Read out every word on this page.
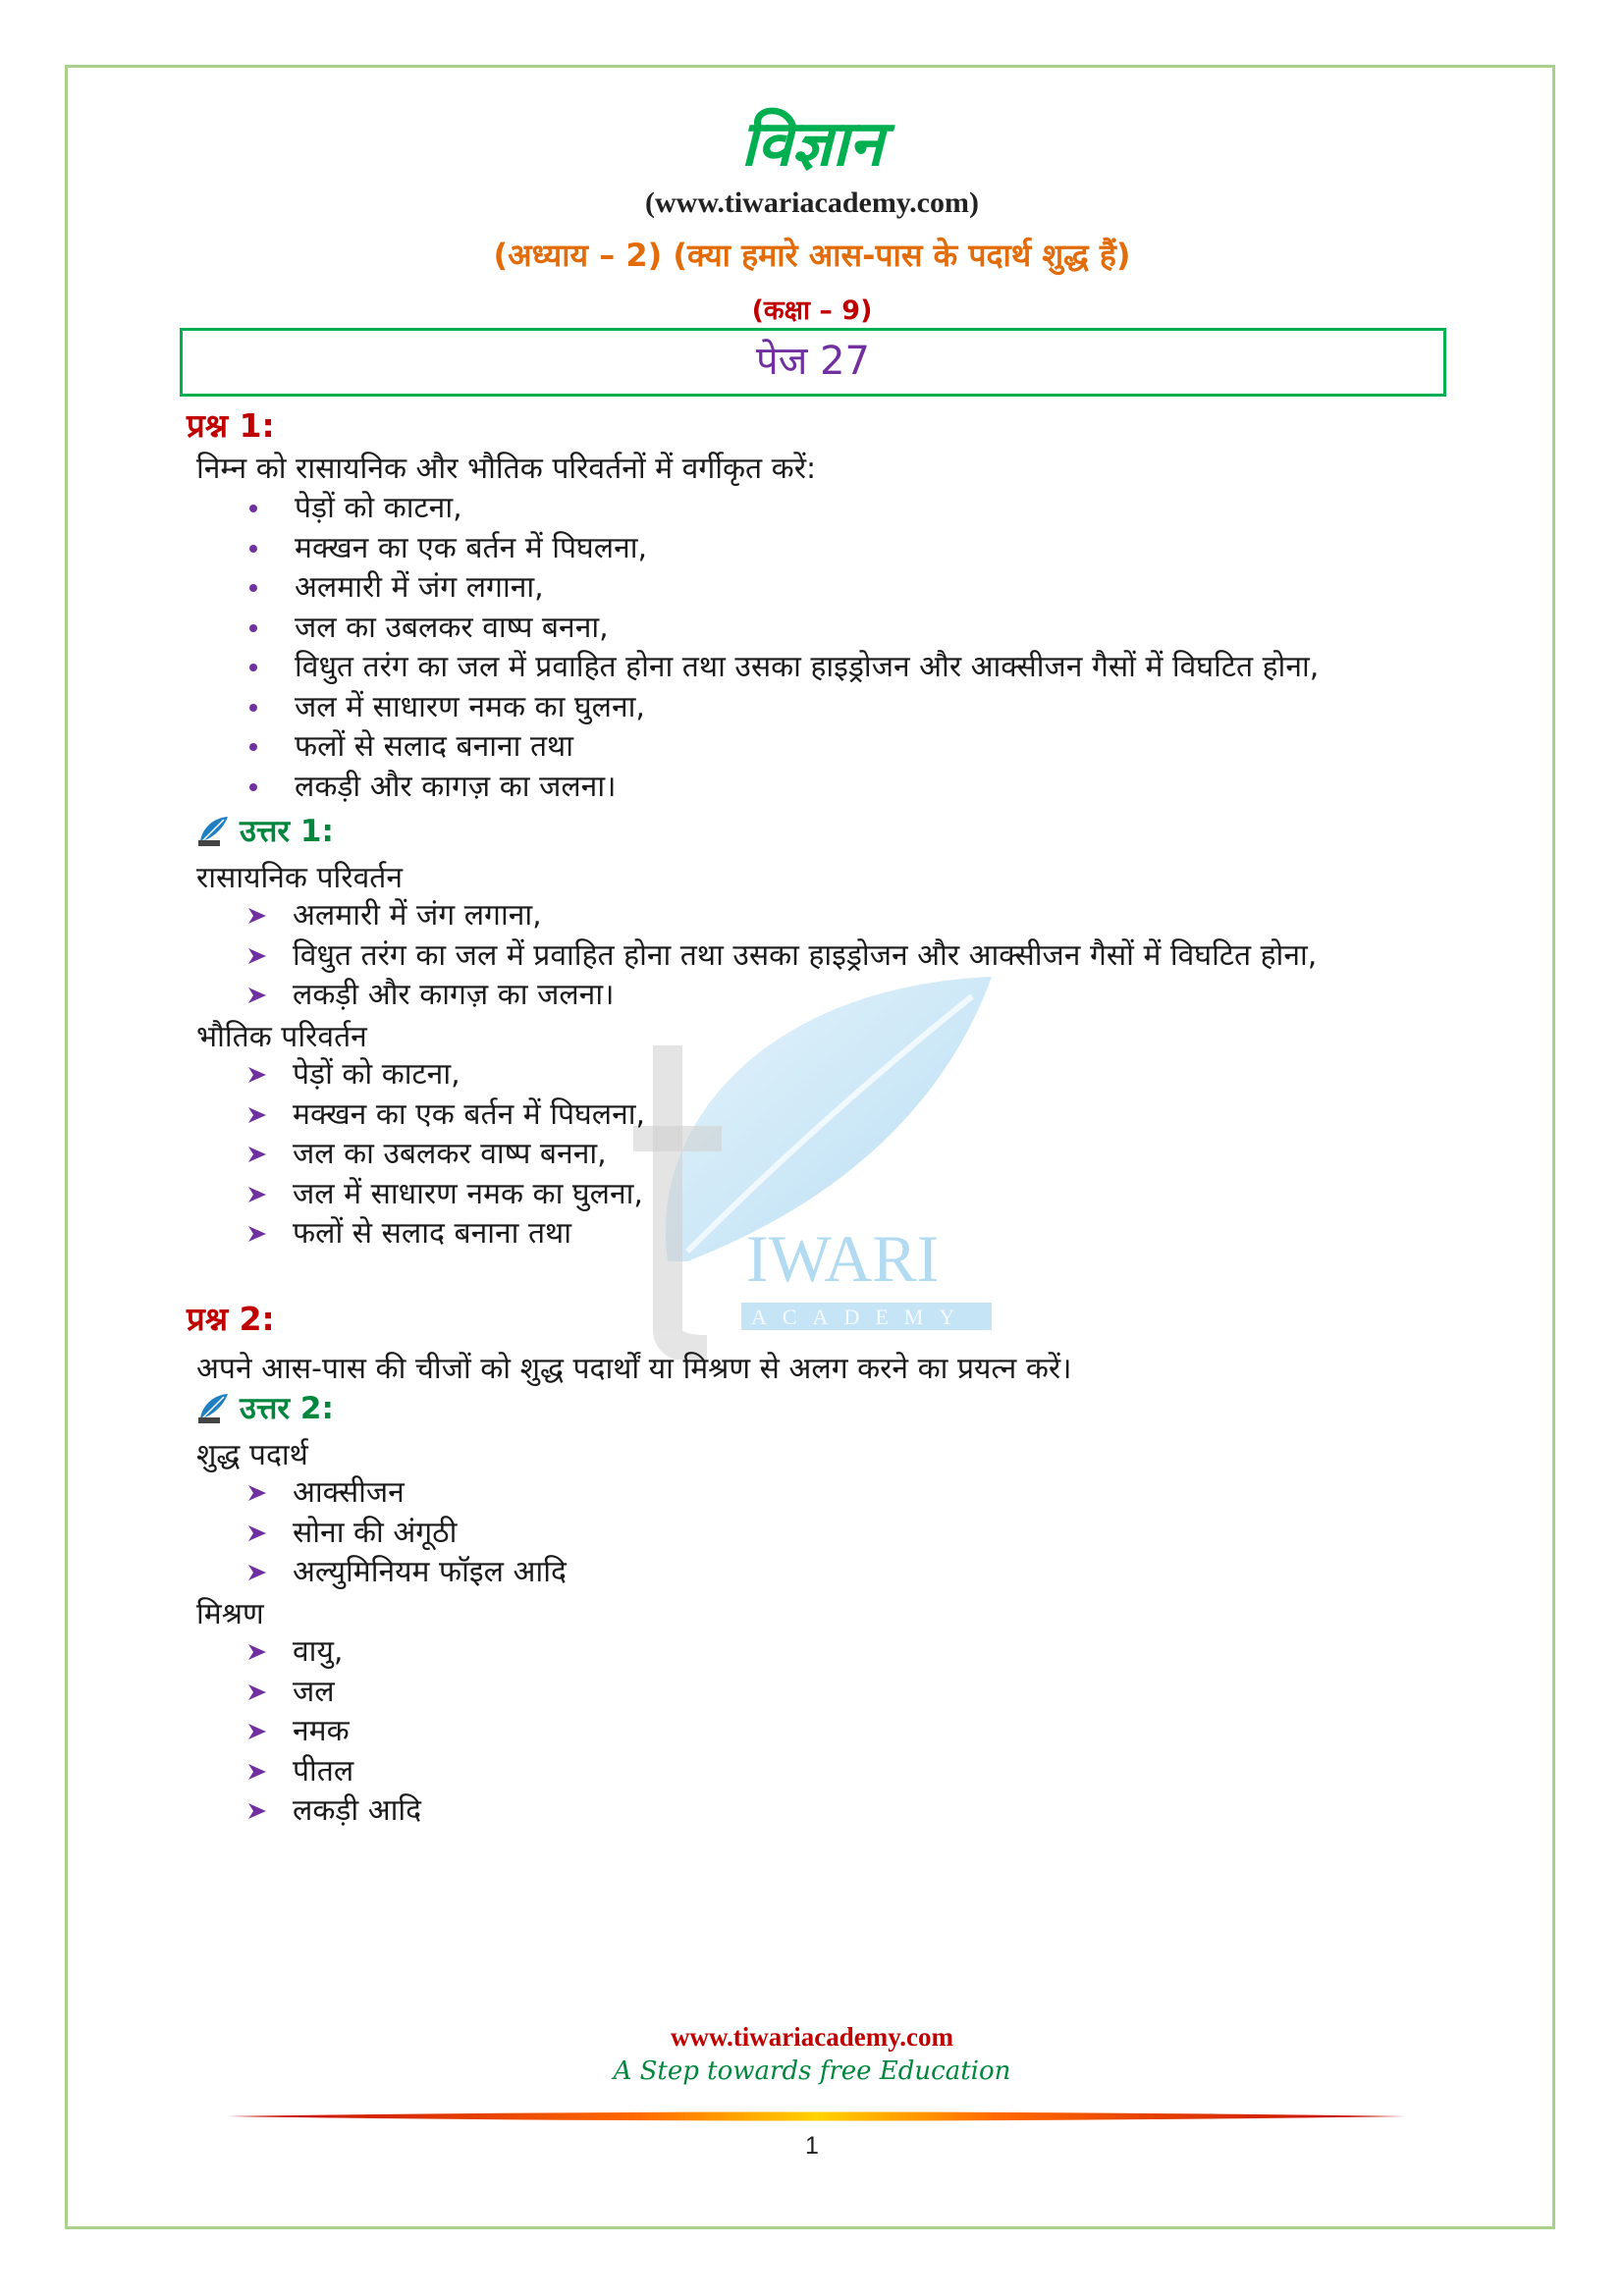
IWARI
ACADEMY
विज्ञान
(www.tiwariacademy.com)
(अध्याय – 2) (क्या हमारे आस-पास के पदार्थ शुद्ध हैं)
(कक्षा – 9)
पेज 27
प्रश्न 1:
निम्न को रासायनिक और भौतिक परिवर्तनों में वर्गीकृत करें:
पेड़ों को काटना,
मक्खन का एक बर्तन में पिघलना,
अलमारी में जंग लगाना,
जल का उबलकर वाष्प बनना,
विधुत तरंग का जल में प्रवाहित होना तथा उसका हाइड्रोजन और आक्सीजन गैसों में विघटित होना,
जल में साधारण नमक का घुलना,
फलों से सलाद बनाना तथा
लकड़ी और कागज़ का जलना।
उत्तर 1:
रासायनिक परिवर्तन
अलमारी में जंग लगाना,
विधुत तरंग का जल में प्रवाहित होना तथा उसका हाइड्रोजन और आक्सीजन गैसों में विघटित होना,
लकड़ी और कागज़ का जलना।
भौतिक परिवर्तन
पेड़ों को काटना,
मक्खन का एक बर्तन में पिघलना,
जल का उबलकर वाष्प बनना,
जल में साधारण नमक का घुलना,
फलों से सलाद बनाना तथा
प्रश्न 2:
अपने आस-पास की चीजों को शुद्ध पदार्थों या मिश्रण से अलग करने का प्रयत्न करें।
उत्तर 2:
शुद्ध पदार्थ
आक्सीजन
सोना की अंगूठी
अल्युमिनियम फॉइल आदि
मिश्रण
वायु,
जल
नमक
पीतल
लकड़ी आदि
www.tiwariacademy.com
A Step towards free Education
1
